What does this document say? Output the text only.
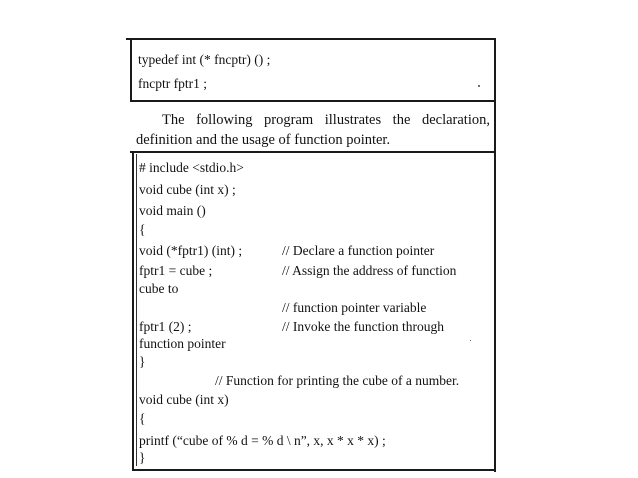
typedef int (* fncptr) () ;
fncptr fptr1 ;
The following program illustrates the declaration,
definition and the usage of function pointer.
# include <stdio.h>
void cube (int x) ;
void main ()
{
void (*fptr1) (int) ;
fptr1 = cube ;
cube to
fptr1 (2) ;
function pointer
}
void cube (int x)
{
printf (“cube of % d = % d \ n”, x, x * x * x) ;
}
// Declare a function pointer
// Assign the address of function
// function pointer variable
// Invoke the function through
// Function for printing the cube of a number.
